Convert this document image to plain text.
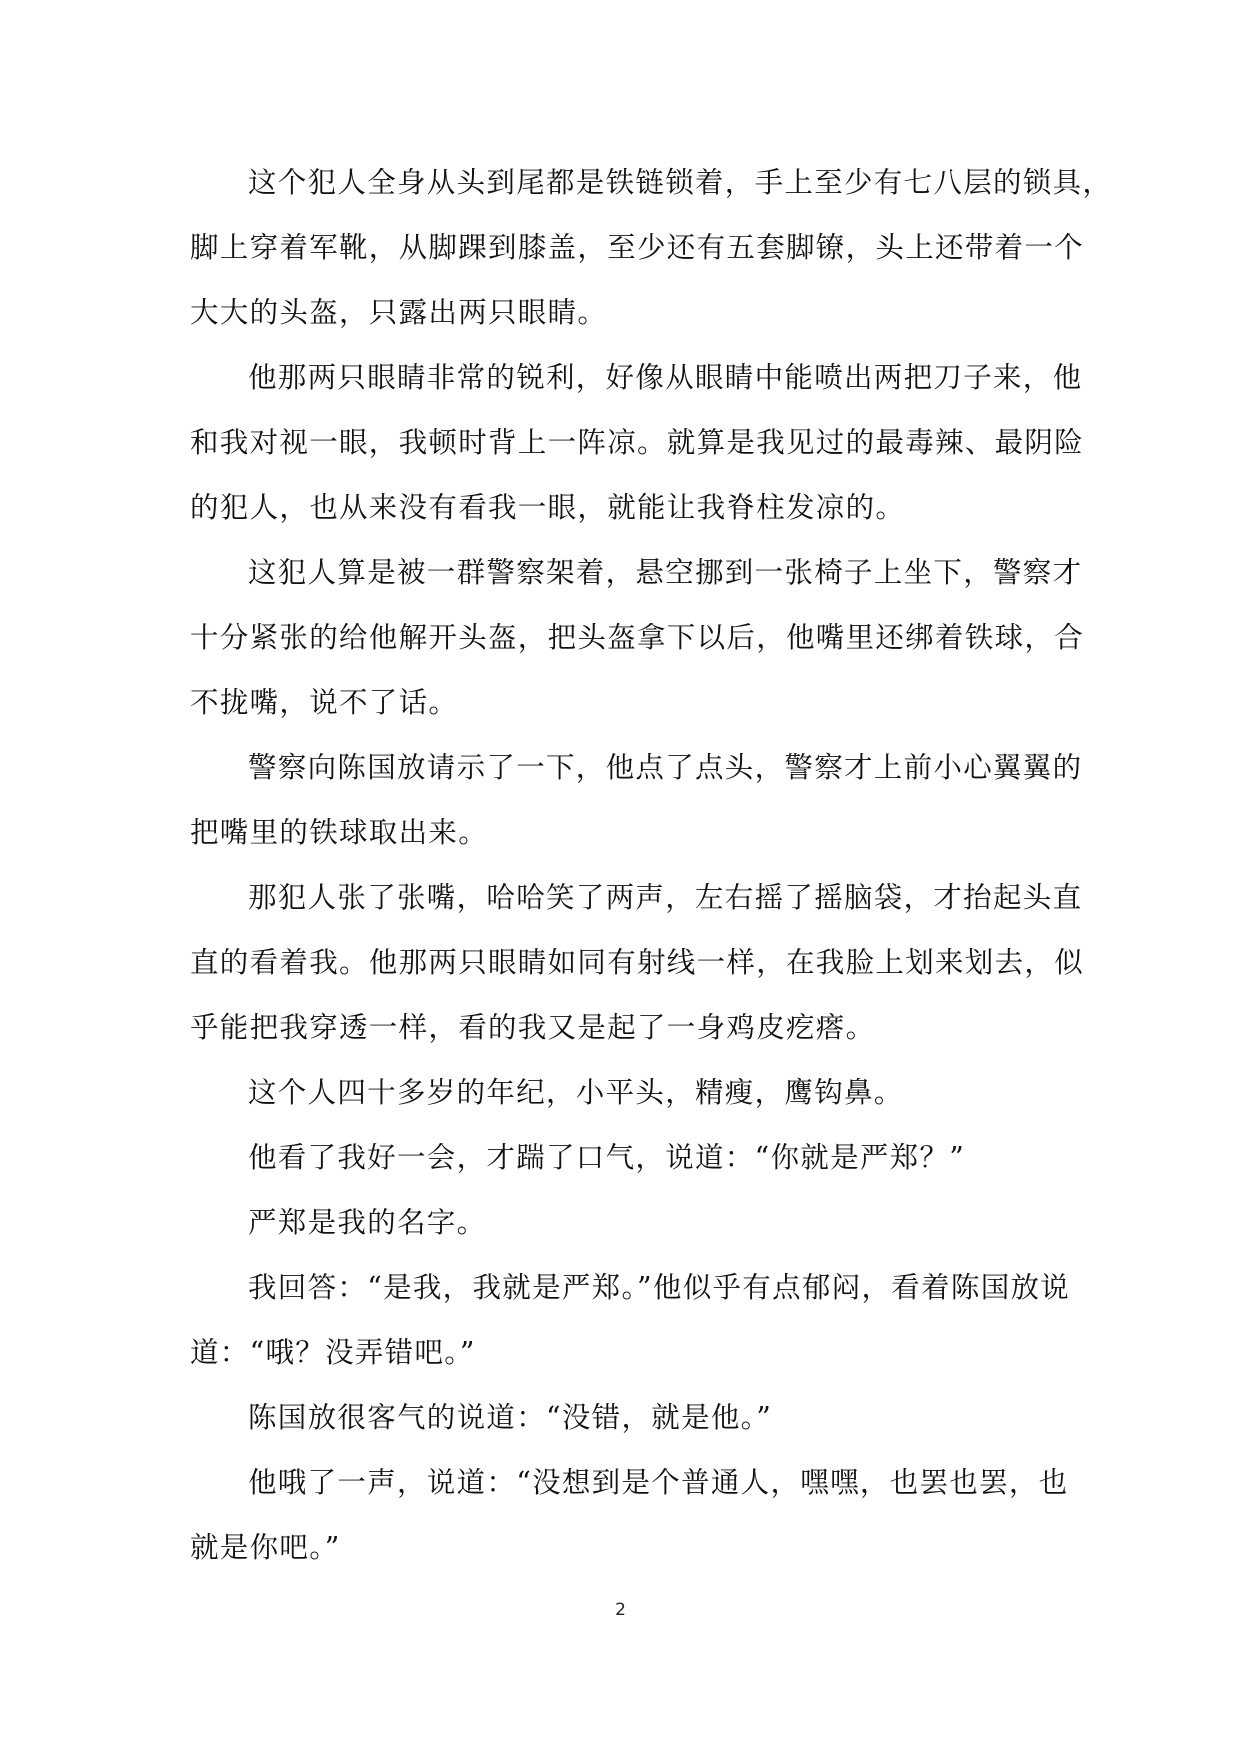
这个犯人全身从头到尾都是铁链锁着，手上至少有七八层的锁具，
脚上穿着军靴，从脚踝到膝盖，至少还有五套脚镣，头上还带着一个
大大的头盔，只露出两只眼睛。
他那两只眼睛非常的锐利，好像从眼睛中能喷出两把刀子来，他
和我对视一眼，我顿时背上一阵凉。就算是我见过的最毒辣、最阴险
的犯人，也从来没有看我一眼，就能让我脊柱发凉的。
这犯人算是被一群警察架着，悬空挪到一张椅子上坐下，警察才
十分紧张的给他解开头盔，把头盔拿下以后，他嘴里还绑着铁球，合
不拢嘴，说不了话。
警察向陈国放请示了一下，他点了点头，警察才上前小心翼翼的
把嘴里的铁球取出来。
那犯人张了张嘴，哈哈笑了两声，左右摇了摇脑袋，才抬起头直
直的看着我。他那两只眼睛如同有射线一样，在我脸上划来划去，似
乎能把我穿透一样，看的我又是起了一身鸡皮疙瘩。
这个人四十多岁的年纪，小平头，精瘦，鹰钩鼻。
他看了我好一会，才踹了口气，说道：“你就是严郑？”
严郑是我的名字。
我回答：“是我，我就是严郑。”他似乎有点郁闷，看着陈国放说
道：“哦？没弄错吧。”
陈国放很客气的说道：“没错，就是他。”
他哦了一声，说道：“没想到是个普通人，嘿嘿，也罢也罢，也
就是你吧。”
2
